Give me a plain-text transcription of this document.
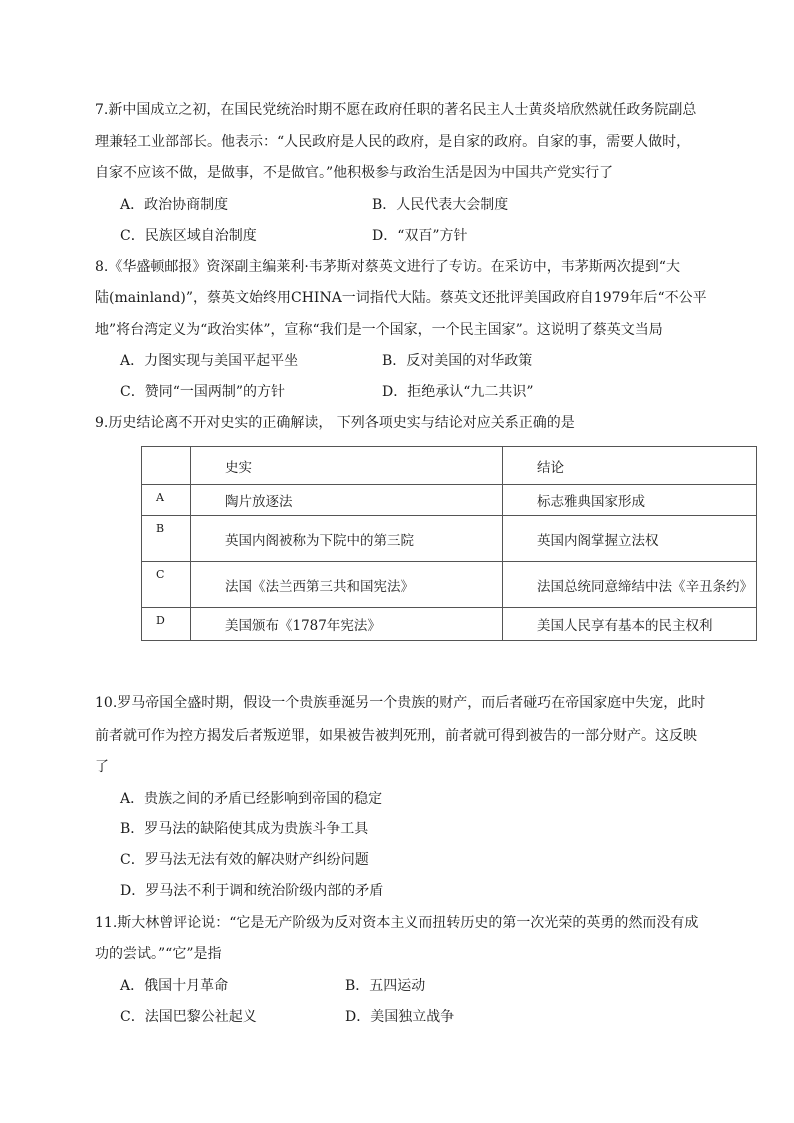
7.新中国成立之初，在国民党统治时期不愿在政府任职的著名民主人士黄炎培欣然就任政务院副总
理兼轻工业部部长。他表示：“人民政府是人民的政府，是自家的政府。自家的事，需要人做时，
自家不应该不做，是做事，不是做官。”他积极参与政治生活是因为中国共产党实行了
A．政治协商制度	B．人民代表大会制度
C．民族区域自治制度	D．“双百”方针
8.《华盛顿邮报》资深副主编莱利·韦茅斯对蔡英文进行了专访。在采访中，韦茅斯两次提到“大
陆(mainland)”，蔡英文始终用CHINA一词指代大陆。蔡英文还批评美国政府自1979年后“不公平
地”将台湾定义为“政治实体”，宣称“我们是一个国家，一个民主国家”。这说明了蔡英文当局
A．力图实现与美国平起平坐	B．反对美国的对华政策
C．赞同“一国两制”的方针	D．拒绝承认“九二共识”
9.历史结论离不开对史实的正确解读， 下列各项史实与结论对应关系正确的是
	史实	结论
A	陶片放逐法	标志雅典国家形成
B	英国内阁被称为下院中的第三院	英国内阁掌握立法权
C	法国《法兰西第三共和国宪法》	法国总统同意缔结中法《辛丑条约》
D	美国颁布《1787年宪法》	美国人民享有基本的民主权利
10.罗马帝国全盛时期，假设一个贵族垂涎另一个贵族的财产，而后者碰巧在帝国家庭中失宠，此时
前者就可作为控方揭发后者叛逆罪，如果被告被判死刑，前者就可得到被告的一部分财产。这反映
了
A．贵族之间的矛盾已经影响到帝国的稳定
B．罗马法的缺陷使其成为贵族斗争工具
C．罗马法无法有效的解决财产纠纷问题
D．罗马法不利于调和统治阶级内部的矛盾
11.斯大林曾评论说：“它是无产阶级为反对资本主义而扭转历史的第一次光荣的英勇的然而没有成
功的尝试。”“它”是指
A．俄国十月革命	B．五四运动
C．法国巴黎公社起义	D．美国独立战争
